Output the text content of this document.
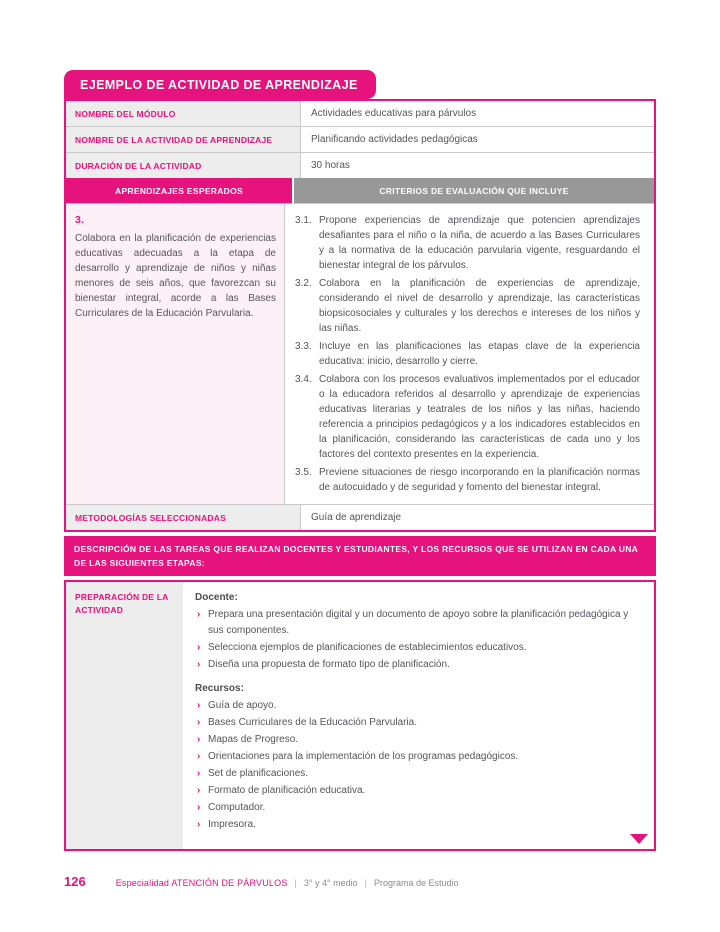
EJEMPLO DE ACTIVIDAD DE APRENDIZAJE
NOMBRE DEL MÓDULO	Actividades educativas para párvulos
NOMBRE DE LA ACTIVIDAD DE APRENDIZAJE	Planificando actividades pedagógicas
DURACIÓN DE LA ACTIVIDAD	30 horas
APRENDIZAJES ESPERADOS	CRITERIOS DE EVALUACIÓN QUE INCLUYE
3.

Colabora en la planificación de experiencias educativas adecuadas a la etapa de desarrollo y aprendizaje de niños y niñas menores de seis años, que favorezcan su bienestar integral, acorde a las Bases Curriculares de la Educación Parvularia.

3.1. Propone experiencias de aprendizaje que potencien aprendizajes desafiantes para el niño o la niña, de acuerdo a las Bases Curriculares y a la normativa de la educación parvularia vigente, resguardando el bienestar integral de los párvulos.
3.2. Colabora en la planificación de experiencias de aprendizaje, considerando el nivel de desarrollo y aprendizaje, las características biopsicosociales y culturales y los derechos e intereses de los niños y las niñas.
3.3. Incluye en las planificaciones las etapas clave de la experiencia educativa: inicio, desarrollo y cierre.
3.4. Colabora con los procesos evaluativos implementados por el educador o la educadora referidos al desarrollo y aprendizaje de experiencias educativas literarias y teatrales de los niños y las niñas, haciendo referencia a principios pedagógicos y a los indicadores establecidos en la planificación, considerando las características de cada uno y los factores del contexto presentes en la experiencia.
3.5. Previene situaciones de riesgo incorporando en la planificación normas de autocuidado y de seguridad y fomento del bienestar integral.
METODOLOGÍAS SELECCIONADAS	Guía de aprendizaje
DESCRIPCIÓN DE LAS TAREAS QUE REALIZAN DOCENTES Y ESTUDIANTES, Y LOS RECURSOS QUE SE UTILIZAN EN CADA UNA DE LAS SIGUIENTES ETAPAS:
PREPARACIÓN DE LA ACTIVIDAD

Docente:

› Prepara una presentación digital y un documento de apoyo sobre la planificación pedagógica y sus componentes.
› Selecciona ejemplos de planificaciones de establecimientos educativos.
› Diseña una propuesta de formato tipo de planificación.

Recursos:

› Guía de apoyo.
› Bases Curriculares de la Educación Parvularia.
› Mapas de Progreso.
› Orientaciones para la implementación de los programas pedagógicos.
› Set de planificaciones.
› Formato de planificación educativa.
› Computador.
› Impresora.
126	Especialidad ATENCIÓN DE PÁRVULOS | 3° y 4° medio | Programa de Estudio
